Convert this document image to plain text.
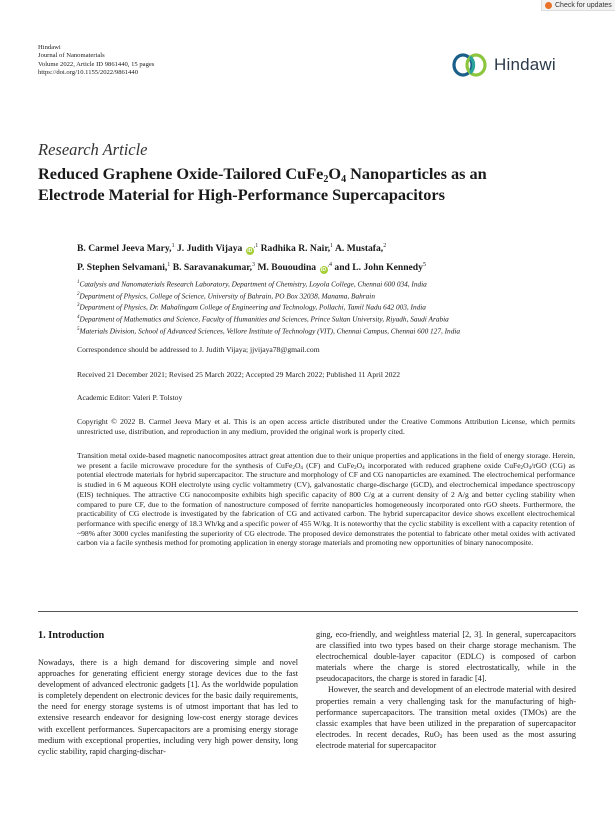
Check for updates
Hindawi
Journal of Nanomaterials
Volume 2022, Article ID 9861440, 15 pages
https://doi.org/10.1155/2022/9861440	Hindawi
Research Article
Reduced Graphene Oxide-Tailored $CuFe_2O_4$ Nanoparticles as an
Electrode Material for High-Performance Supercapacitors
B. Carmel Jeeva Mary,$^1$ J. Judith Vijaya $iD^{,1}$ Radhika R. Nair,$^1$ A. Mustafa,$^2$
P. Stephen Selvamani,$^1$ B. Saravanakumar,$^3$ M. Bououdina $iD^{,4}$ and L. John Kennedy$^5$
$^1$Catalysis and Nanomaterials Research Laboratory, Department of Chemistry, Loyola College, Chennai 600 034, India
$^2$Department of Physics, College of Science, University of Bahrain, PO Box 32038, Manama, Bahrain
$^3$Department of Physics, Dr. Mahalingam College of Engineering and Technology, Pollachi, Tamil Nadu 642 003, India
$^4$Department of Mathematics and Science, Faculty of Humanities and Sciences, Prince Sultan University, Riyadh, Saudi Arabia
$^5$Materials Division, School of Advanced Sciences, Vellore Institute of Technology (VIT), Chennai Campus, Chennai 600 127, India
Correspondence should be addressed to J. Judith Vijaya; jjvijaya78@gmail.com
Received 21 December 2021; Revised 25 March 2022; Accepted 29 March 2022; Published 11 April 2022
Academic Editor: Valeri P. Tolstoy
Copyright © 2022 B. Carmel Jeeva Mary et al. This is an open access article distributed under the Creative Commons Attribution License, which permits unrestricted use, distribution, and reproduction in any medium, provided the original work is properly cited.
Transition metal oxide-based magnetic nanocomposites attract great attention due to their unique properties and applications in the field of energy storage. Herein, we present a facile microwave procedure for the synthesis of $CuFe_2O_4$ (CF) and $CuFe_2O_4$ incorporated with reduced graphene oxide $CuFe_2O_4$/rGO (CG) as potential electrode materials for hybrid supercapacitor. The structure and morphology of CF and CG nanoparticles are examined. The electrochemical performance is studied in 6 M aqueous KOH electrolyte using cyclic voltammetry (CV), galvanostatic charge-discharge (GCD), and electrochemical impedance spectroscopy (EIS) techniques. The attractive CG nanocomposite exhibits high specific capacity of 800 C/g at a current density of 2 A/g and better cycling stability when compared to pure CF, due to the formation of nanostructure composed of ferrite nanoparticles homogeneously incorporated onto rGO sheets. Furthermore, the practicability of CG electrode is investigated by the fabrication of CG and activated carbon. The hybrid supercapacitor device shows excellent electrochemical performance with specific energy of 18.3 Wh/kg and a specific power of 455 W/kg. It is noteworthy that the cyclic stability is excellent with a capacity retention of ~98% after 3000 cycles manifesting the superiority of CG electrode. The proposed device demonstrates the potential to fabricate other metal oxides with activated carbon via a facile synthesis method for promoting application in energy storage materials and promoting new opportunities of binary nanocomposite.
1. Introduction

Nowadays, there is a high demand for discovering simple and novel approaches for generating efficient energy storage devices due to the fast development of advanced electronic gadgets [1]. As the worldwide population is completely dependent on electronic devices for the basic daily requirements, the need for energy storage systems is of utmost important that has led to extensive research endeavor for designing low-cost energy storage devices with excellent performances. Supercapacitors are a promising energy storage medium with exceptional properties, including very high power density, long cyclic stability, rapid charging-dischar-

ging, eco-friendly, and weightless material [2, 3]. In general, supercapacitors are classified into two types based on their charge storage mechanism. The electrochemical double-layer capacitor (EDLC) is composed of carbon materials where the charge is stored electrostatically, while in the pseudocapacitors, the charge is stored in faradic [4].

However, the search and development of an electrode material with desired properties remain a very challenging task for the manufacturing of high-performance supercapacitors. The transition metal oxides (TMOs) are the classic examples that have been utilized in the preparation of supercapacitor electrodes. In recent decades, RuO$_2$ has been used as the most assuring electrode material for supercapacitor
